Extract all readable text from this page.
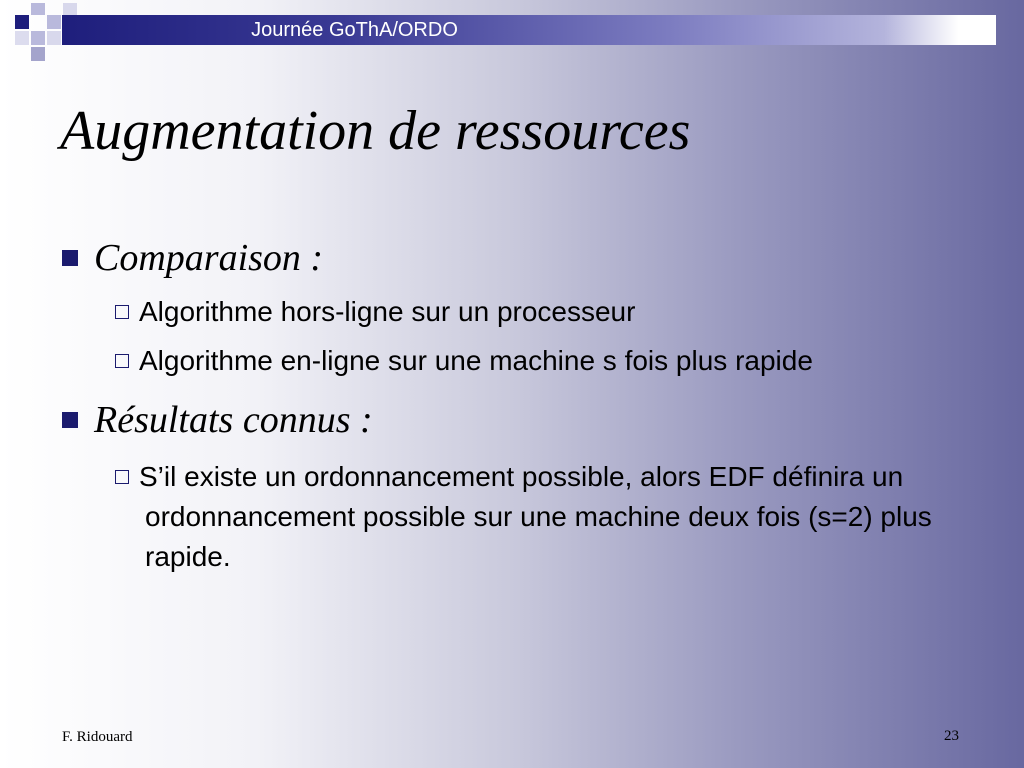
Journée GoThA/ORDO
Augmentation de ressources
Comparaison :
Algorithme hors-ligne sur un processeur
Algorithme en-ligne sur une machine s fois plus rapide
Résultats connus :
S’il existe un ordonnancement possible, alors EDF définira un ordonnancement possible sur une machine deux fois (s=2) plus rapide.
F. Ridouard	23
